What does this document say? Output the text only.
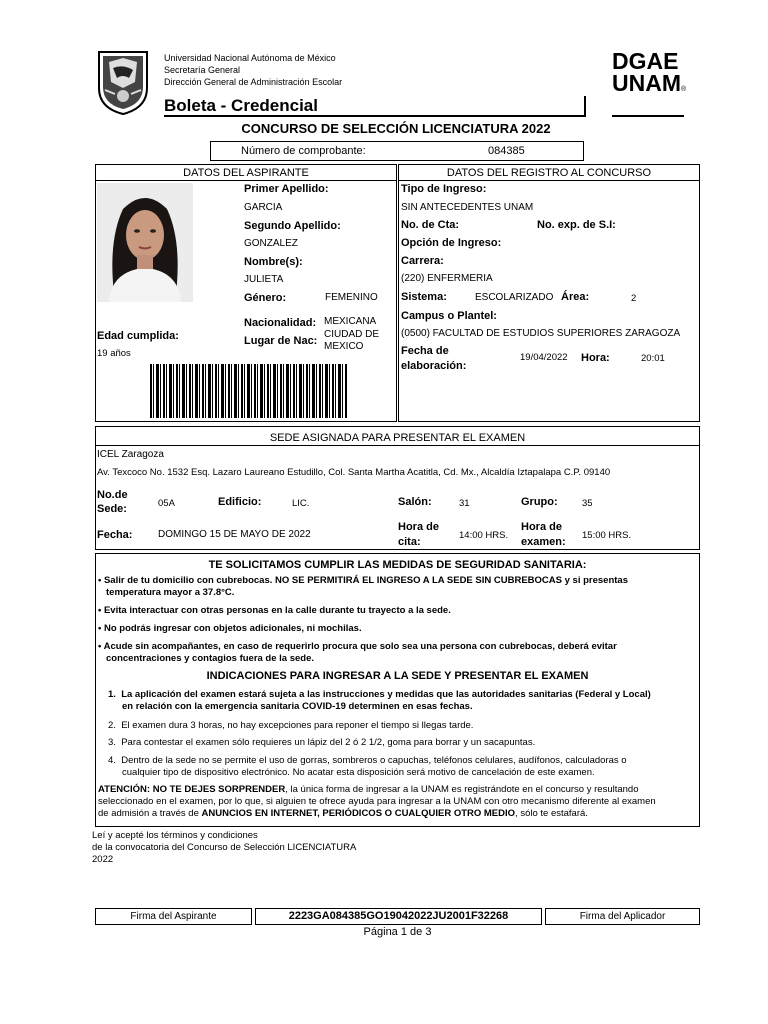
Universidad Nacional Autónoma de México
Secretaría General
Dirección General de Administración Escolar
Boleta - Credencial
DGAE
UNAM®
CONCURSO DE SELECCIÓN LICENCIATURA 2022
Número de comprobante:	084385
DATOS DEL ASPIRANTE
Primer Apellido:
GARCIA
Segundo Apellido:
GONZALEZ
Nombre(s):
JULIETA
Género:	FEMENINO
Nacionalidad: MEXICANA
Lugar de Nac:
CIUDAD DE
MEXICO
Edad cumplida:
19 años
DATOS DEL REGISTRO AL CONCURSO
Tipo de Ingreso:
SIN ANTECEDENTES UNAM
No. de Cta:	No. exp. de S.I:
Opción de Ingreso:
Carrera:
(220) ENFERMERIA
Sistema:	ESCOLARIZADO Área:	2
Campus o Plantel:
(0500) FACULTAD DE ESTUDIOS SUPERIORES ZARAGOZA
Fecha de
elaboración:
19/04/2022 Hora:	20:01
SEDE ASIGNADA PARA PRESENTAR EL EXAMEN
ICEL Zaragoza
Av. Texcoco No. 1532 Esq. Lazaro Laureano Estudillo, Col. Santa Martha Acatitla, Cd. Mx., Alcaldía Iztapalapa C.P. 09140
No.de
Sede:	05A	Edificio:	LIC.	Salón:	31	Grupo:	35
Fecha:	DOMINGO 15 DE MAYO DE 2022
Hora de
cita:
14:00 HRS.
Hora de
examen:
15:00 HRS.
TE SOLICITAMOS CUMPLIR LAS MEDIDAS DE SEGURIDAD SANITARIA:
• Salir de tu domicilio con cubrebocas. NO SE PERMITIRÁ EL INGRESO A LA SEDE SIN CUBREBOCAS y si presentas
temperatura mayor a 37.8°C.
• Evita interactuar con otras personas en la calle durante tu trayecto a la sede.
• No podrás ingresar con objetos adicionales, ni mochilas.
• Acude sin acompañantes, en caso de requerirlo procura que solo sea una persona con cubrebocas, deberá evitar
concentraciones y contagios fuera de la sede.
INDICACIONES PARA INGRESAR A LA SEDE Y PRESENTAR EL EXAMEN
1.  La aplicación del examen estará sujeta a las instrucciones y medidas que las autoridades sanitarias (Federal y Local)
en relación con la emergencia sanitaria COVID-19 determinen en esas fechas.
2.  El examen dura 3 horas, no hay excepciones para reponer el tiempo si llegas tarde.
3.  Para contestar el examen sólo requieres un lápiz del 2 ó 2 1/2, goma para borrar y un sacapuntas.
4.  Dentro de la sede no se permite el uso de gorras, sombreros o capuchas, teléfonos celulares, audífonos, calculadoras o
cualquier tipo de dispositivo electrónico. No acatar esta disposición será motivo de cancelación de este examen.
ATENCIÓN: NO TE DEJES SORPRENDER, la única forma de ingresar a la UNAM es registrándote en el concurso y resultando
seleccionado en el examen, por lo que, si alguien te ofrece ayuda para ingresar a la UNAM con otro mecanismo diferente al examen
de admisión a través de ANUNCIOS EN INTERNET, PERIÓDICOS O CUALQUIER OTRO MEDIO, sólo te estafará.
Leí y acepté los términos y condiciones
de la convocatoria del Concurso de Selección LICENCIATURA
2022
Firma del Aspirante	2223GA084385GO19042022JU2001F32268	Firma del Aplicador
Página 1 de 3
